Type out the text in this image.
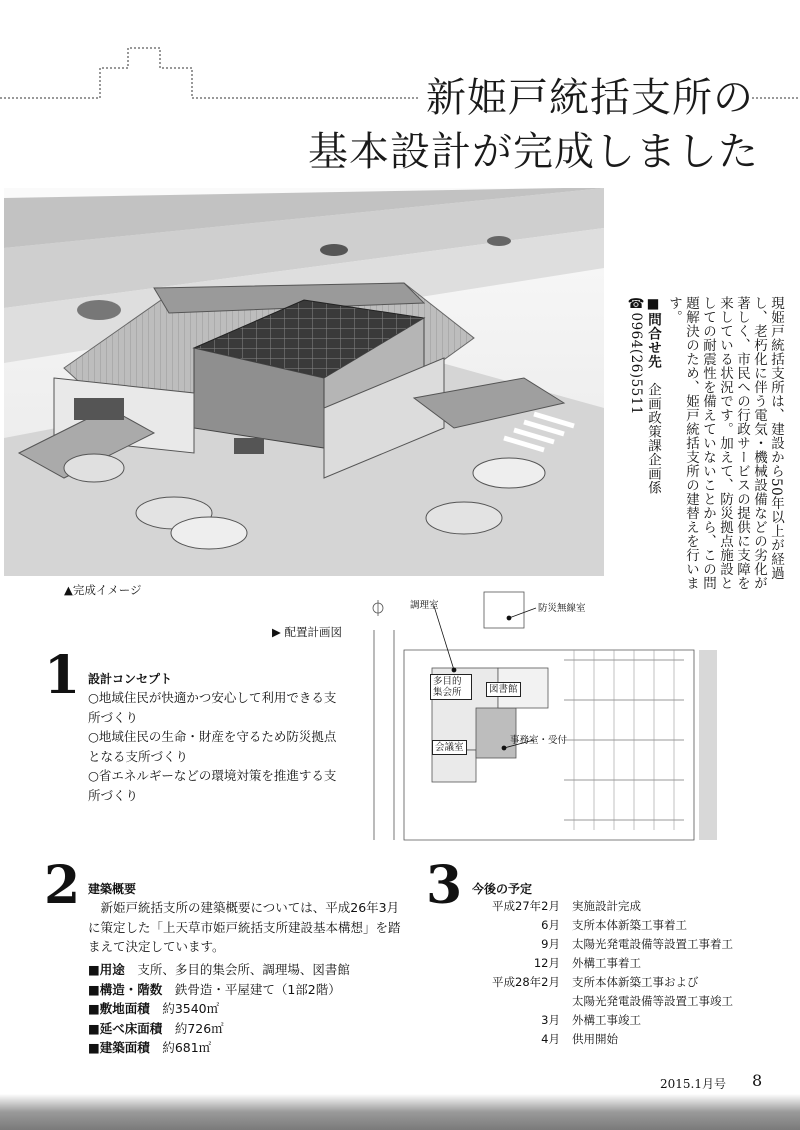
新姫戸統括支所の
基本設計が完成しました
▲完成イメージ

現姫戸統括支所は、建設から50年以上が経過し、老朽化に伴う電気・機械設備などの劣化が著しく、市民への行政サービスの提供に支障を来している状況です。加えて、防災拠点施設としての耐震性を備えていないことから、この問題解決のため、姫戸統括支所の建替えを行います。

■問合せ先　企画政策課企画係

☎0964(26)5511

▶ 配置計画図
調理室	防災無線室
多目的集会所	図書館
会議室
事務室・受付
1 設計コンセプト
○地域住民が快適かつ安心して利用できる支所づくり
○地域住民の生命・財産を守るため防災拠点となる支所づくり
○省エネルギーなどの環境対策を推進する支所づくり
2 建築概要
新姫戸統括支所の建築概要については、平成26年3月に策定した「上天草市姫戸統括支所建設基本構想」を踏まえて決定しています。
■用途　 支所、多目的集会所、調理場、図書館
■構造・階数　 鉄骨造・平屋建て（1部2階）
■敷地面積　 約3540㎡
■延べ床面積　 約726㎡
■建築面積　 約681㎡
3 今後の予定
平成27年2月 実施設計完成
6月 支所本体新築工事着工
9月 太陽光発電設備等設置工事着工
12月 外構工事着工
平成28年2月 支所本体新築工事および
太陽光発電設備等設置工事竣工
3月 外構工事竣工
4月 供用開始
2015.1月号 8
